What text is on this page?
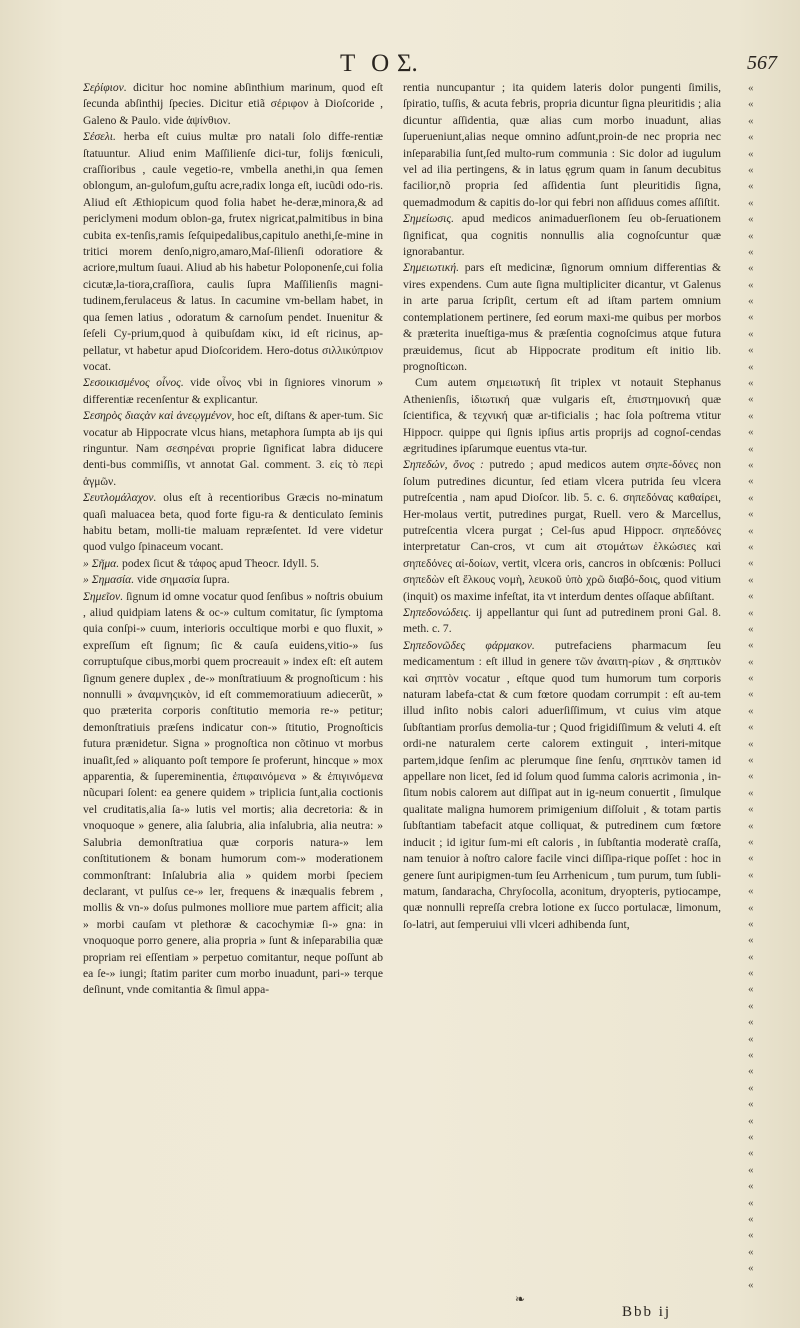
T O Σ.	567

Σεῤίφιον. dicitur hoc nomine abſinthium marinum, quod eſt ſecunda abſinthij ſpecies. Dicitur etiã σέριφον à Dioſcoride , Galeno & Paulo. vide ἀψίνθιον.

Σέσελι. herba eſt cuius multæ pro natali ſolo diffe-rentiæ ſtatuuntur. Aliud enim Maſſilienſe dici-tur, folijs fœniculi, craſſioribus , caule vegetio-re, vmbella anethi,in qua ſemen oblongum, an-gulofum,guſtu acre,radix longa eſt, iucũdi odo-ris. Aliud eſt Æthiopicum quod folia habet he-deræ,minora,& ad periclymeni modum oblon-ga, frutex nigricat,palmitibus in bina cubita ex-tenſis,ramis ſeſquipedalibus,capitulo anethi,ſe-mine in tritici morem denſo,nigro,amaro,Maſ-ſilienſi odoratiore & acriore,multum ſuaui. Aliud ab his habetur Poloponenſe,cui folia cicutæ,la-tiora,craſſiora, caulis ſupra Maſſilienſis magni-tudinem,ferulaceus & latus. In cacumine vm-bellam habet, in qua ſemen latius , odoratum & carnoſum pendet. Inuenitur & ſeſeli Cy-prium,quod à quibuſdam κίκι, id eſt ricinus, ap-pellatur, vt habetur apud Dioſcoridem. Hero-dotus σιλλικύπριον vocat.

Σεσοικισμένος οἶνος. vide οἶνος vbi in ſigniores vinorum » differentiæ recenſentur & explicantur.

Σεσηρὸς διαςὰν καὶ ἀνεῳγμένον, hoc eſt, diſtans & aper-tum. Sic vocatur ab Hippocrate vlcus hians, metaphora ſumpta ab ijs qui ringuntur. Nam σεσηρέναι proprie ſignificat labra diducere denti-bus commiſſis, vt annotat Gal. comment. 3. εἰς τὸ περὶ ἀγμῶν.

Σευτλομάλαχον. olus eſt à recentioribus Græcis no-minatum quaſi maluacea beta, quod forte figu-ra & denticulato ſeminis habitu betam, molli-tie maluam repræſentet. Id vere videtur quod vulgo ſpinaceum vocant.

» Σῆμα. podex ſicut & τάφος apud Theocr. Idyll. 5.

» Σημασία. vide σημασία ſupra.

Σημεῖον. ſignum id omne vocatur quod ſenſibus » noſtris obuium , aliud quidpiam latens & oc-» cultum comitatur, ſic ſymptoma quia conſpi-» cuum, interioris occultique morbi e quo fluxit, » expreſſum eſt ſignum; ſic & cauſa euidens,vitio-» ſus corruptuſque cibus,morbi quem procreauit » index eſt: eſt autem ſignum genere duplex , de-» monſtratiuum & prognoſticum : his nonnulli » ἀναμνηςικὸν, id eſt commemoratiuum adiecerũt, » quo præterita corporis conſtitutio memoria re-» petitur; demonſtratiuis præſens indicatur con-» ſtitutio, Prognoſticis futura prænidetur. Signa » prognoſtica non cõtinuo vt morbus inuaſit,ſed » aliquanto poſt tempore ſe proferunt, hincque » mox apparentia, & ſupereminentia, ἐπιφαινόμενα » & ἐπιγινόμενα nũcupari ſolent: ea genere quidem » triplicia ſunt,alia coctionis vel cruditatis,alia ſa-» lutis vel mortis; alia decretoria: & in vnoquoque » genere, alia ſalubria, alia inſalubria, alia neutra: » Salubria demonſtratiua quæ corporis natura-» lem conſtitutionem & bonam humorum com-» moderationem commonſtrant: Inſalubria alia » quidem morbi ſpeciem declarant, vt pulſus ce-» ler, frequens & inæqualis febrem , mollis & vn-» doſus pulmones molliore mue partem afficit; alia » morbi cauſam vt plethoræ & cacochymiæ ſi-» gna: in vnoquoque porro genere, alia propria » ſunt & inſeparabilia quæ propriam rei eſſentiam » perpetuo comitantur, neque poſſunt ab ea ſe-» iungi; ſtatim pariter cum morbo inuadunt, pari-» terque deſinunt, vnde comitantia & ſimul appa-

rentia nuncupantur ; ita quidem lateris dolor pungenti ſimilis, ſpiratio, tuſſis, & acuta febris, propria dicuntur ſigna pleuritidis ; alia dicuntur aſſidentia, quæ alias cum morbo inuadunt, alias ſuperueniunt,alias neque omnino adſunt,proin-de nec propria nec inſeparabilia ſunt,ſed multo-rum communia : Sic dolor ad iugulum vel ad ilia pertingens, & in latus ęgrum quam in ſanum decubitus facilior,nõ propria ſed aſſidentia ſunt pleuritidis ſigna, quemadmodum & capitis do-lor qui febri non aſſiduus comes aſſiſtit.

Σημείωσις. apud medicos animaduerſionem ſeu ob-ſeruationem ſignificat, qua cognitis nonnullis alia cognoſcuntur quæ ignorabantur.

Σημειωτική. pars eſt medicinæ, ſignorum omnium differentias & vires expendens. Cum aute ſigna multipliciter dicantur, vt Galenus in arte parua ſcripſit, certum eſt ad iſtam partem omnium contemplationem pertinere, ſed eorum maxi-me quibus per morbos & præterita inueſtiga-mus & præſentia cognoſcimus atque futura præuidemus, ſicut ab Hippocrate proditum eſt initio lib. prognoſticωn.

Cum autem σημειωτική ſit triplex vt notauit Stephanus Athenienſis, ἰδιωτική quæ vulgaris eſt, ἐπιστημονική quæ ſcientifica, & τεχνική quæ ar-tificialis ; hac ſola poſtrema vtitur Hippocr. quippe qui ſignis ipſius artis proprijs ad cognoſ-cendas ægritudines ipſarumque euentus vta-tur.

Σηπεδών, ὄνος : putredo ; apud medicos autem σηπε-δόνες non ſolum putredines dicuntur, ſed etiam vlcera putrida ſeu vlcera putreſcentia , nam apud Dioſcor. lib. 5. c. 6. σηπεδόνας καθαίρει, Her-molaus vertit, putredines purgat, Ruell. vero & Marcellus, putreſcentia vlcera purgat ; Cel-ſus apud Hippocr. σηπεδόνες interpretatur Can-cros, vt cum ait στομάτων ἑλκώσιες καὶ σηπεδόνες αἰ-δοίων, vertit, vlcera oris, cancros in obſcœnis: Polluci σηπεδὼν eſt ἕλκους νομὴ, λευκοῦ ὑπὸ χρῶ διαβό-δοις, quod vitium (inquit) os maxime infeſtat, ita vt interdum dentes oſſaque abſiſtant.

Σηπεδονώδεις. ij appellantur qui ſunt ad putredinem proni Gal. 8. meth. c. 7.

Σηπεδονῶδες φάρμακον. putrefaciens pharmacum ſeu medicamentum : eſt illud in genere τῶν ἀναιτη-ρίων , & σηπτικὸν καὶ σηπτὸν vocatur , eſtque quod tum humorum tum corporis naturam labefa-ctat & cum fœtore quodam corrumpit : eſt au-tem illud inſito nobis calori aduerſiſſimum, vt cuius vim atque ſubſtantiam prorſus demolia-tur ; Quod frigidiſſimum & veluti 4. eſt ordi-ne naturalem certe calorem extinguit , interi-mitque partem,idque ſenſim ac plerumque ſine ſenſu, σηπτικὸν tamen id appellare non licet, ſed id ſolum quod ſumma caloris acrimonia , in-ſitum nobis calorem aut diſſipat aut in ig-neum conuertit , ſimulque qualitate maligna humorem primigenium diſſoluit , & totam partis ſubſtantiam tabefacit atque colliquat, & putredinem cum fœtore inducit ; id igitur ſum-mi eſt caloris , in ſubſtantia moderatè craſſa, nam tenuior à noſtro calore facile vinci diſſipa-rique poſſet : hoc in genere ſunt auripigmen-tum ſeu Arrhenicum , tum purum, tum ſubli-matum, ſandaracha, Chryſocolla, aconitum, dryopteris, pytiocampe, quæ nonnulli repreſſa crebra lotione ex ſucco portulacæ, limonum, ſo-latri, aut ſemperuiui vlli vlceri adhibenda ſunt,

«
«
«
«
«
«
«
«
«
«
«
«
«
«
«
«
«
«
«
«
«
«
«
«
«
«
«
«
«
«
«
«
«
«
«
«
«
«
«
«
«
«
«
«
«
«
«
«
«
«
«
«
«
«
«
«
«
«
«
«
«
«
«
«
«
«
«
«
«
«
«
«
«
«
❧
Bbb ij
